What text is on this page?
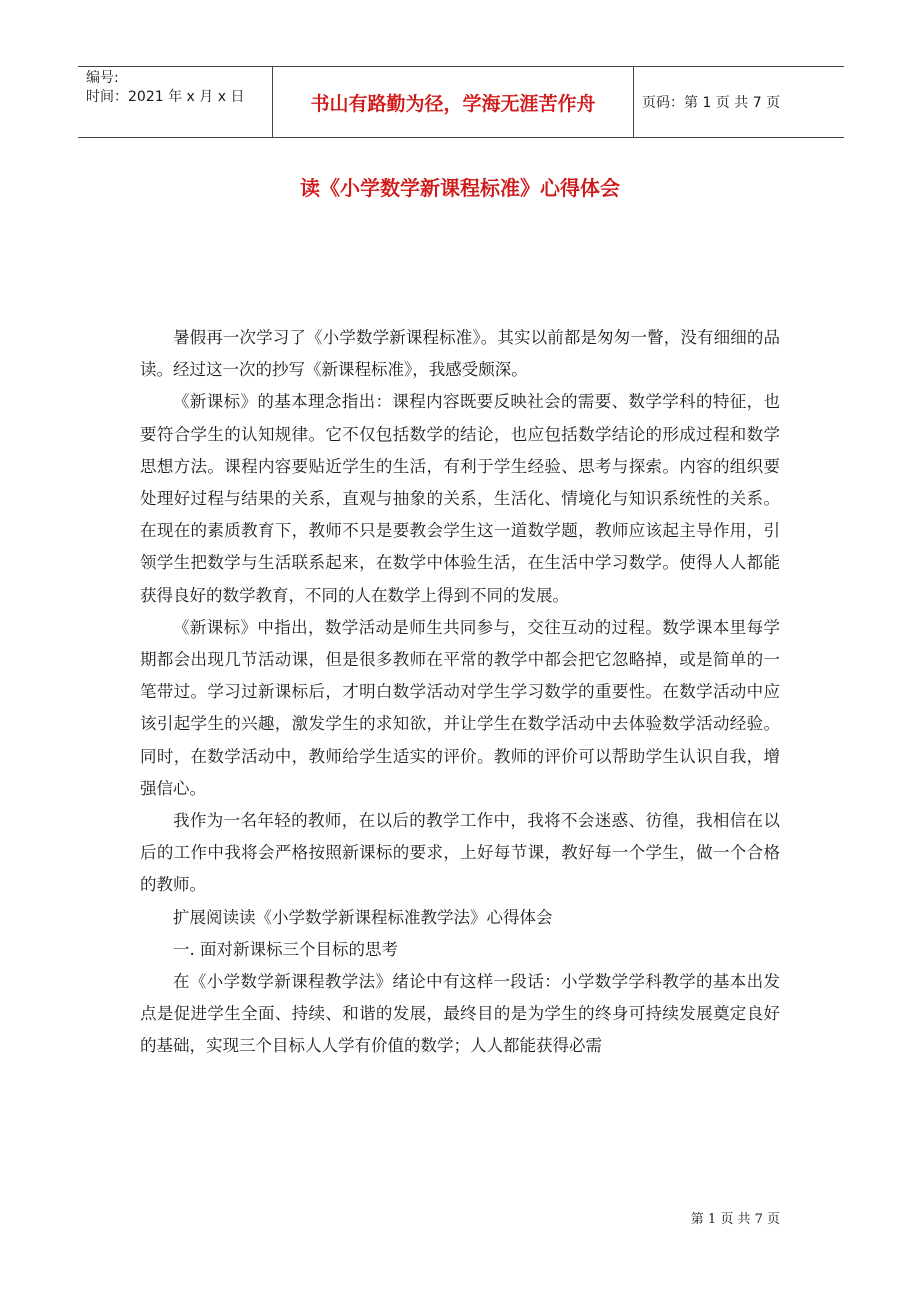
编号:
时间：2021 年 x 月 x 日	书山有路勤为径，学海无涯苦作舟	页码：第 1 页 共 7 页
读《小学数学新课程标准》心得体会

暑假再一次学习了《小学数学新课程标准》。其实以前都是匆匆一瞥，没有细细的品读。经过这一次的抄写《新课程标准》，我感受颇深。

《新课标》的基本理念指出：课程内容既要反映社会的需要、数学学科的特征，也要符合学生的认知规律。它不仅包括数学的结论，也应包括数学结论的形成过程和数学思想方法。课程内容要贴近学生的生活，有利于学生经验、思考与探索。内容的组织要处理好过程与结果的关系，直观与抽象的关系，生活化、情境化与知识系统性的关系。在现在的素质教育下，教师不只是要教会学生这一道数学题，教师应该起主导作用，引领学生把数学与生活联系起来，在数学中体验生活，在生活中学习数学。使得人人都能获得良好的数学教育，不同的人在数学上得到不同的发展。

《新课标》中指出，数学活动是师生共同参与，交往互动的过程。数学课本里每学期都会出现几节活动课，但是很多教师在平常的教学中都会把它忽略掉，或是简单的一笔带过。学习过新课标后，才明白数学活动对学生学习数学的重要性。在数学活动中应该引起学生的兴趣，激发学生的求知欲，并让学生在数学活动中去体验数学活动经验。同时，在数学活动中，教师给学生适实的评价。教师的评价可以帮助学生认识自我，增强信心。

我作为一名年轻的教师，在以后的教学工作中，我将不会迷惑、彷徨，我相信在以后的工作中我将会严格按照新课标的要求，上好每节课，教好每一个学生，做一个合格的教师。

扩展阅读读《小学数学新课程标准教学法》心得体会

一. 面对新课标三个目标的思考

在《小学数学新课程教学法》绪论中有这样一段话：小学数学学科教学的基本出发点是促进学生全面、持续、和谐的发展，最终目的是为学生的终身可持续发展奠定良好的基础，实现三个目标人人学有价值的数学；人人都能获得必需

第 1 页 共 7 页
